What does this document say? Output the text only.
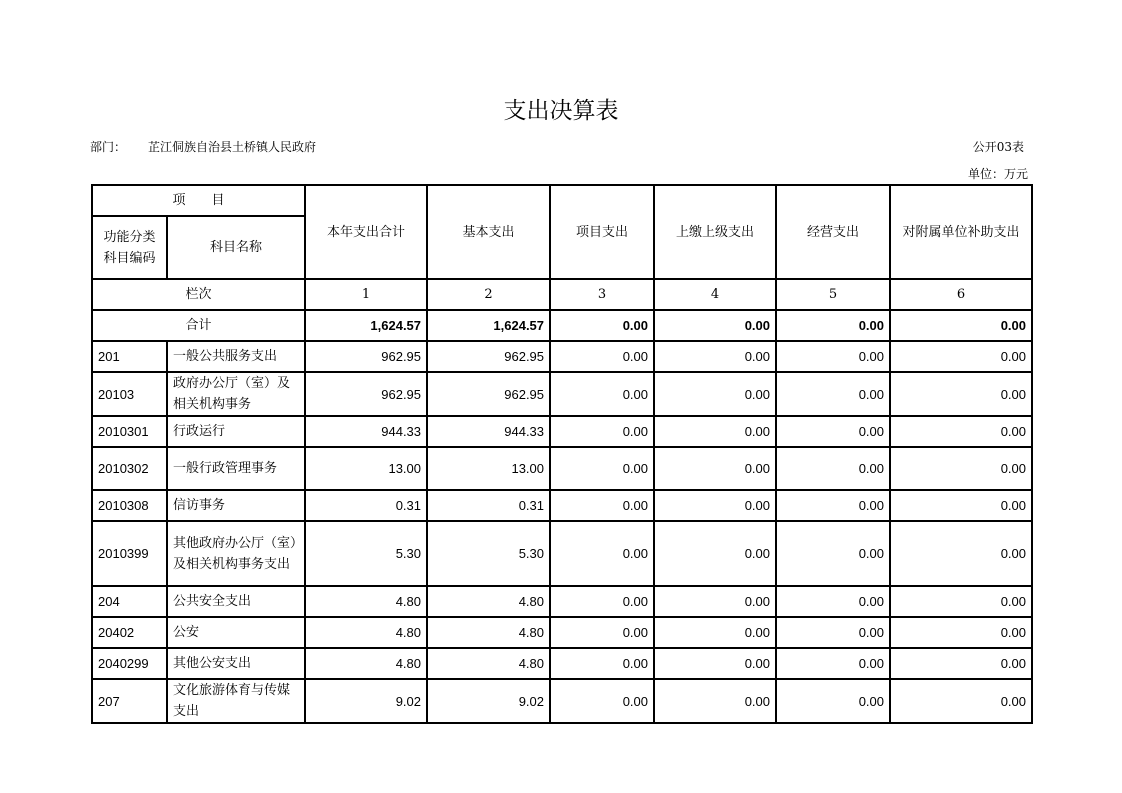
支出决算表
部门： 芷江侗族自治县土桥镇人民政府	公开03表
单位：万元
项　　目		本年支出合计	基本支出	项目支出	上缴上级支出	经营支出	对附属单位补助支出
功能分类科目编码	科目名称						
栏次		1	2	3	4	5	6
合计		1,624.57	1,624.57	0.00	0.00	0.00	0.00
201	一般公共服务支出	962.95	962.95	0.00	0.00	0.00	0.00
20103	政府办公厅（室）及相关机构事务	962.95	962.95	0.00	0.00	0.00	0.00
2010301	行政运行	944.33	944.33	0.00	0.00	0.00	0.00
2010302	一般行政管理事务	13.00	13.00	0.00	0.00	0.00	0.00
2010308	信访事务	0.31	0.31	0.00	0.00	0.00	0.00
2010399	其他政府办公厅（室）及相关机构事务支出	5.30	5.30	0.00	0.00	0.00	0.00
204	公共安全支出	4.80	4.80	0.00	0.00	0.00	0.00
20402	公安	4.80	4.80	0.00	0.00	0.00	0.00
2040299	其他公安支出	4.80	4.80	0.00	0.00	0.00	0.00
207	文化旅游体育与传媒支出	9.02	9.02	0.00	0.00	0.00	0.00
